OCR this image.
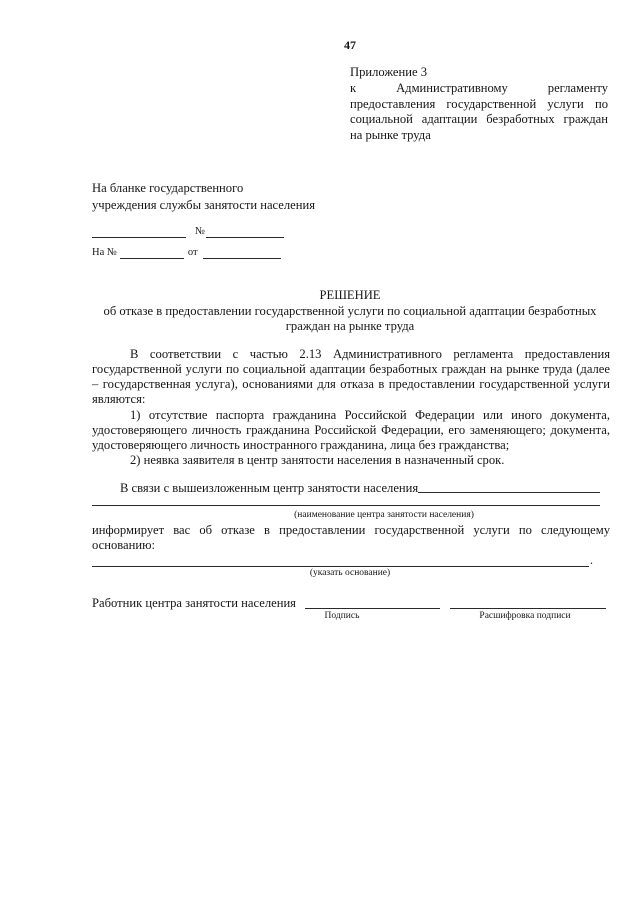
47
Приложение 3
к Административному регламенту
предоставления государственной услуги по
социальной адаптации безработных граждан
на рынке труда
На бланке государственного
учреждения службы занятости населения
№
На №	от
РЕШЕНИЕ
об отказе в предоставлении государственной услуги по социальной адаптации безработных
граждан на рынке труда
В соответствии с частью 2.13 Административного регламента предоставления
государственной услуги по социальной адаптации безработных граждан на рынке труда (далее
– государственная услуга), основаниями для отказа в предоставлении государственной услуги
являются:
1) отсутствие паспорта гражданина Российской Федерации или иного документа,
удостоверяющего личность гражданина Российской Федерации, его заменяющего; документа,
удостоверяющего личность иностранного гражданина, лица без гражданства;
2) неявка заявителя в центр занятости населения в назначенный срок.
В связи с вышеизложенным центр занятости населения
(наименование центра занятости населения)
информирует вас об отказе в предоставлении государственной услуги по следующему
основанию:
.
(указать основание)
Работник центра занятости населения
Подпись	Расшифровка подписи
